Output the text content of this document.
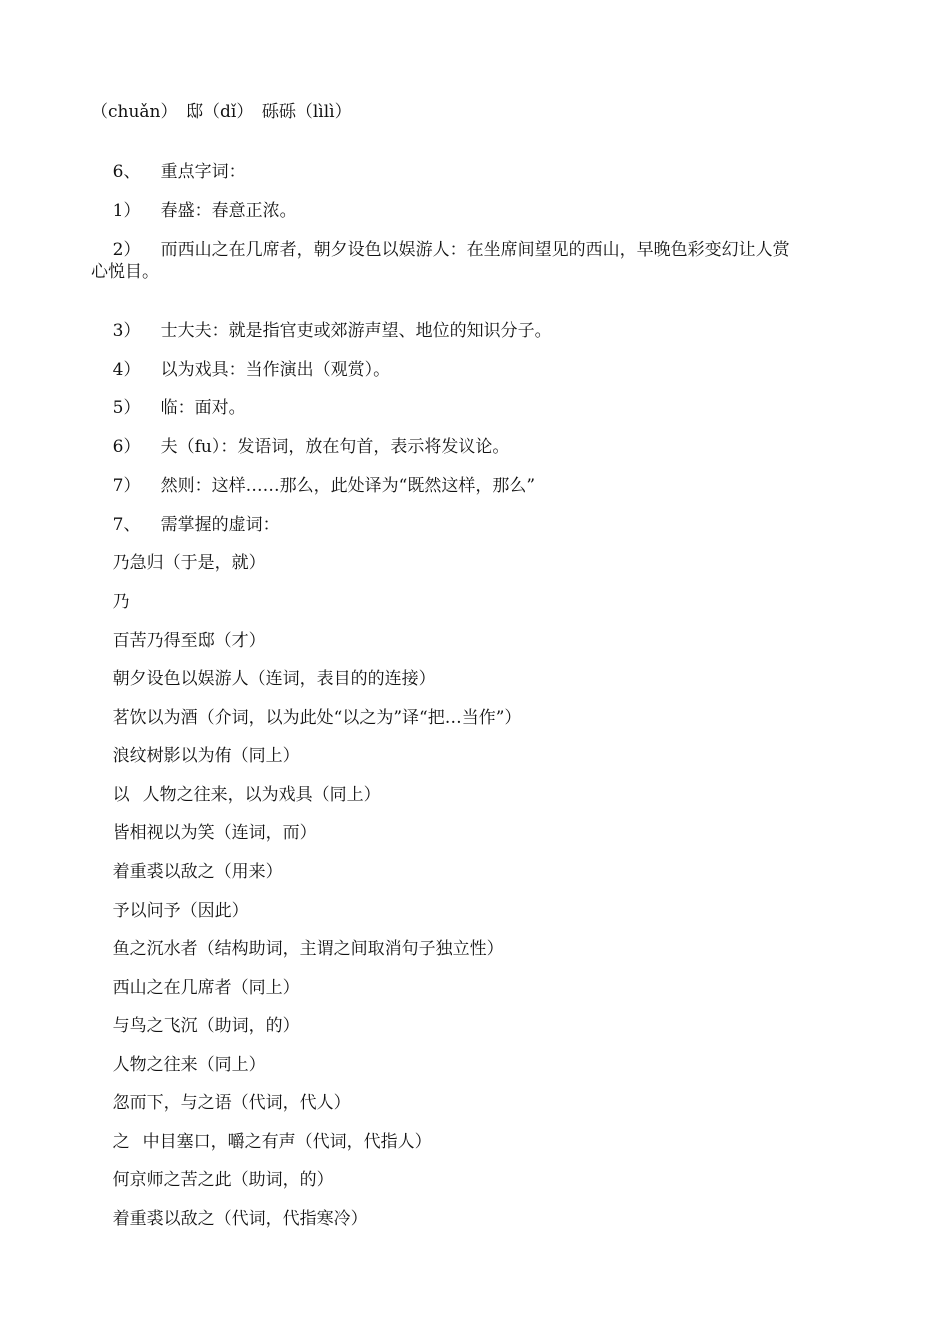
（chuǎn）　邸（dǐ）　砾砾（lìlì）

6、 重点字词：

1） 春盛：春意正浓。

2） 而西山之在几席者，朝夕设色以娱游人：在坐席间望见的西山，早晚色彩变幻让人赏

心悦目。

3） 士大夫：就是指官吏或郊游声望、地位的知识分子。

4） 以为戏具：当作演出（观赏）。

5） 临：面对。

6） 夫（fu）：发语词，放在句首，表示将发议论。

7） 然则：这样……那么，此处译为“既然这样，那么”

7、 需掌握的虚词：

乃急归（于是，就）

乃

百苦乃得至邸（才）

朝夕设色以娱游人（连词，表目的的连接）

茗饮以为酒（介词，以为此处“以之为”译“把…当作”）

浪纹树影以为侑（同上）

以 人物之往来，以为戏具（同上）

皆相视以为笑（连词，而）

着重裘以敌之（用来）

予以问予（因此）

鱼之沉水者（结构助词，主谓之间取消句子独立性）

西山之在几席者（同上）

与鸟之飞沉（助词，的）

人物之往来（同上）

忽而下，与之语（代词，代人）

之 中目塞口，嚼之有声（代词，代指人）

何京师之苦之此（助词，的）

着重裘以敌之（代词，代指寒冷）
